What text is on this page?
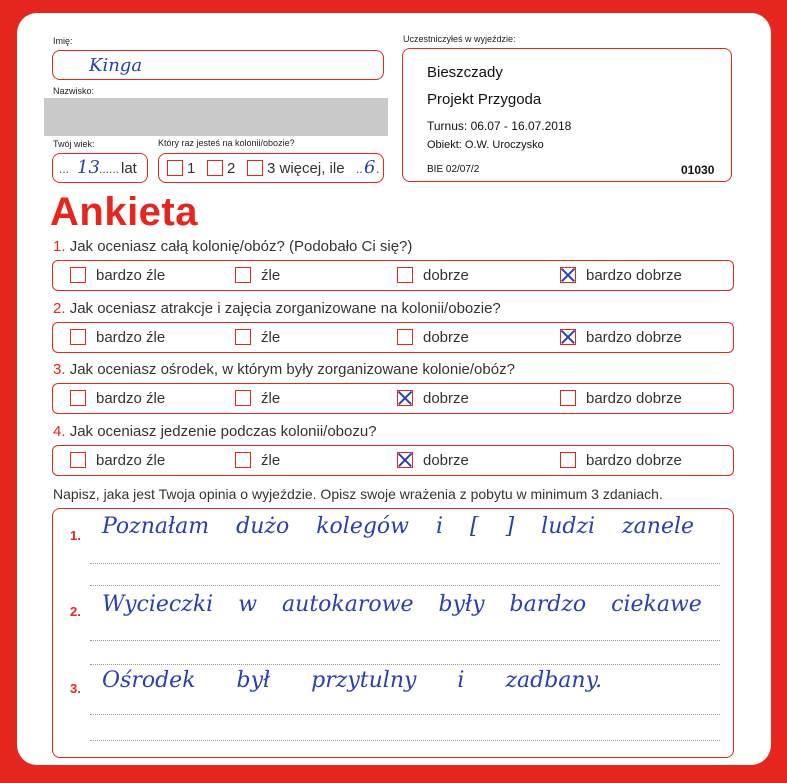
Imię:
Kinga
Nazwisko:
Twój wiek:	Który raz jesteś na kolonii/obozie?
... 13 ...... lat	1 2 3 więcej, ile .. 6 .
Uczestniczyłeś w wyjeździe:
Bieszczady
Projekt Przygoda
Turnus: 06.07 - 16.07.2018
Obiekt: O.W. Uroczysko
BIE 02/07/2	01030
Ankieta
1. Jak oceniasz całą kolonię/obóz? (Podobało Ci się?)
bardzo źle	źle	dobrze	bardzo dobrze
2. Jak oceniasz atrakcje i zajęcia zorganizowane na kolonii/obozie?
bardzo źle	źle	dobrze	bardzo dobrze
3. Jak oceniasz ośrodek, w którym były zorganizowane kolonie/obóz?
bardzo źle	źle	dobrze	bardzo dobrze
4. Jak oceniasz jedzenie podczas kolonii/obozu?
bardzo źle	źle	dobrze	bardzo dobrze
Napisz, jaka jest Twoja opinia o wyjeździe. Opisz swoje wrażenia z pobytu w minimum 3 zdaniach.
1. Poznałam dużo kolegów i [ ] ludzi zanele
2. Wycieczki w autokarowe były bardzo ciekawe
3. Ośrodek był przytulny i zadbany.
